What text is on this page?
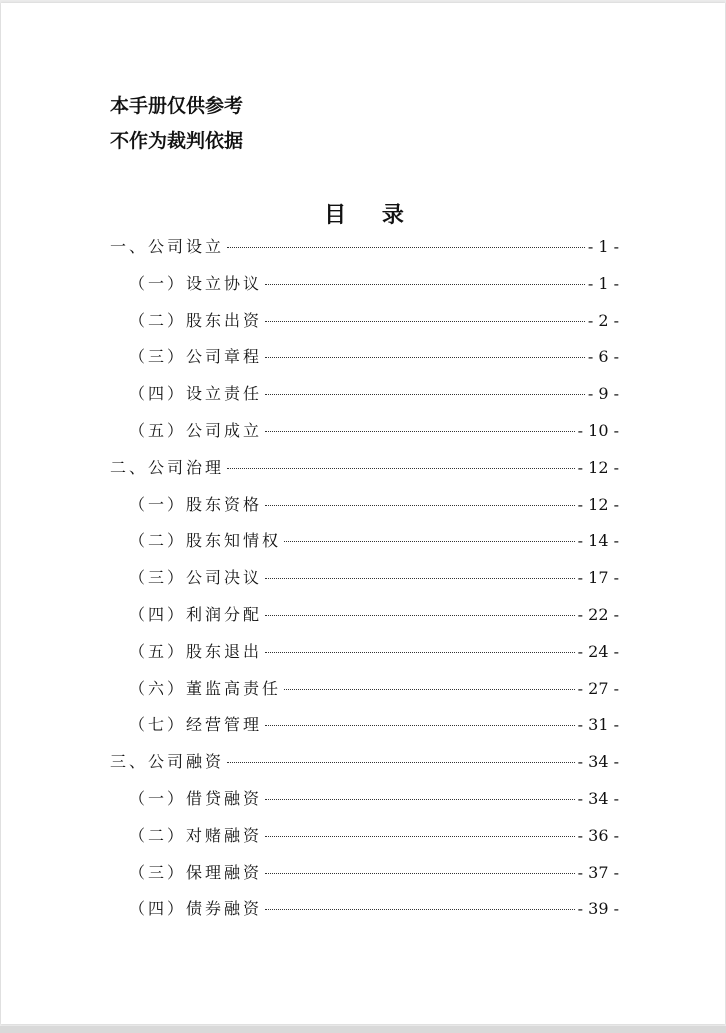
本手册仅供参考
不作为裁判依据
目 录
一、公司设立	- 1 -
（一）设立协议	- 1 -
（二）股东出资	- 2 -
（三）公司章程	- 6 -
（四）设立责任	- 9 -
（五）公司成立	- 10 -
二、公司治理	- 12 -
（一）股东资格	- 12 -
（二）股东知情权	- 14 -
（三）公司决议	- 17 -
（四）利润分配	- 22 -
（五）股东退出	- 24 -
（六）董监高责任	- 27 -
（七）经营管理	- 31 -
三、公司融资	- 34 -
（一）借贷融资	- 34 -
（二）对赌融资	- 36 -
（三）保理融资	- 37 -
（四）债券融资	- 39 -
